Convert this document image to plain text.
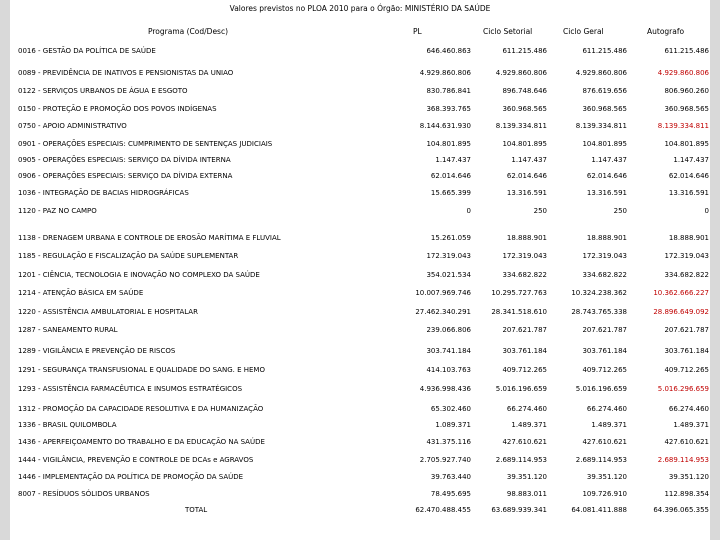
Valores previstos no PLOA 2010 para o Órgão: MINISTÉRIO DA SAÚDE
Programa (Cod/Desc)	PL	Ciclo Setorial	Ciclo Geral	Autografo
0016 - GESTÃO DA POLÍTICA DE SAÚDE	646.460.863	611.215.486	611.215.486	611.215.486
0089 - PREVIDÊNCIA DE INATIVOS E PENSIONISTAS DA UNIAO	4.929.860.806	4.929.860.806	4.929.860.806	4.929.860.806
0122 - SERVIÇOS URBANOS DE ÁGUA E ESGOTO	830.786.841	896.748.646	876.619.656	806.960.260
0150 - PROTEÇÃO E PROMOÇÃO DOS POVOS INDÍGENAS	368.393.765	360.968.565	360.968.565	360.968.565
0750 - APOIO ADMINISTRATIVO	8.144.631.930	8.139.334.811	8.139.334.811	8.139.334.811
0901 - OPERAÇÕES ESPECIAIS: CUMPRIMENTO DE SENTENÇAS JUDICIAIS	104.801.895	104.801.895	104.801.895	104.801.895
0905 - OPERAÇÕES ESPECIAIS: SERVIÇO DA DÍVIDA INTERNA	1.147.437	1.147.437	1.147.437	1.147.437
0906 - OPERAÇÕES ESPECIAIS: SERVIÇO DA DÍVIDA EXTERNA	62.014.646	62.014.646	62.014.646	62.014.646
1036 - INTEGRAÇÃO DE BACIAS HIDROGRÁFICAS	15.665.399	13.316.591	13.316.591	13.316.591
1120 - PAZ NO CAMPO	0	250	250	0
1138 - DRENAGEM URBANA E CONTROLE DE EROSÃO MARÍTIMA E FLUVIAL	15.261.059	18.888.901	18.888.901	18.888.901
1185 - REGULAÇÃO E FISCALIZAÇÃO DA SAÚDE SUPLEMENTAR	172.319.043	172.319.043	172.319.043	172.319.043
1201 - CIÊNCIA, TECNOLOGIA E INOVAÇÃO NO COMPLEXO DA SAÚDE	354.021.534	334.682.822	334.682.822	334.682.822
1214 - ATENÇÃO BÁSICA EM SAÚDE	10.007.969.746	10.295.727.763	10.324.238.362	10.362.666.227
1220 - ASSISTÊNCIA AMBULATORIAL E HOSPITALAR	27.462.340.291	28.341.518.610	28.743.765.338	28.896.649.092
1287 - SANEAMENTO RURAL	239.066.806	207.621.787	207.621.787	207.621.787
1289 - VIGILÂNCIA E PREVENÇÃO DE RISCOS	303.741.184	303.761.184	303.761.184	303.761.184
1291 - SEGURANÇA TRANSFUSIONAL E QUALIDADE DO SANG. E HEMO	414.103.763	409.712.265	409.712.265	409.712.265
1293 - ASSISTÊNCIA FARMACÊUTICA E INSUMOS ESTRATÉGICOS	4.936.998.436	5.016.196.659	5.016.196.659	5.016.296.659
1312 - PROMOÇÃO DA CAPACIDADE RESOLUTIVA E DA HUMANIZAÇÃO	65.302.460	66.274.460	66.274.460	66.274.460
1336 - BRASIL QUILOMBOLA	1.089.371	1.489.371	1.489.371	1.489.371
1436 - APERFEIÇOAMENTO DO TRABALHO E DA EDUCAÇÃO NA SAÚDE	431.375.116	427.610.621	427.610.621	427.610.621
1444 - VIGILÂNCIA, PREVENÇÃO E CONTROLE DE DCAs e AGRAVOS	2.705.927.740	2.689.114.953	2.689.114.953	2.689.114.953
1446 - IMPLEMENTAÇÃO DA POLÍTICA DE PROMOÇÃO DA SAÚDE	39.763.440	39.351.120	39.351.120	39.351.120
8007 - RESÍDUOS SÓLIDOS URBANOS	78.495.695	98.883.011	109.726.910	112.898.354
TOTAL	62.470.488.455	63.689.939.341	64.081.411.888	64.396.065.355
